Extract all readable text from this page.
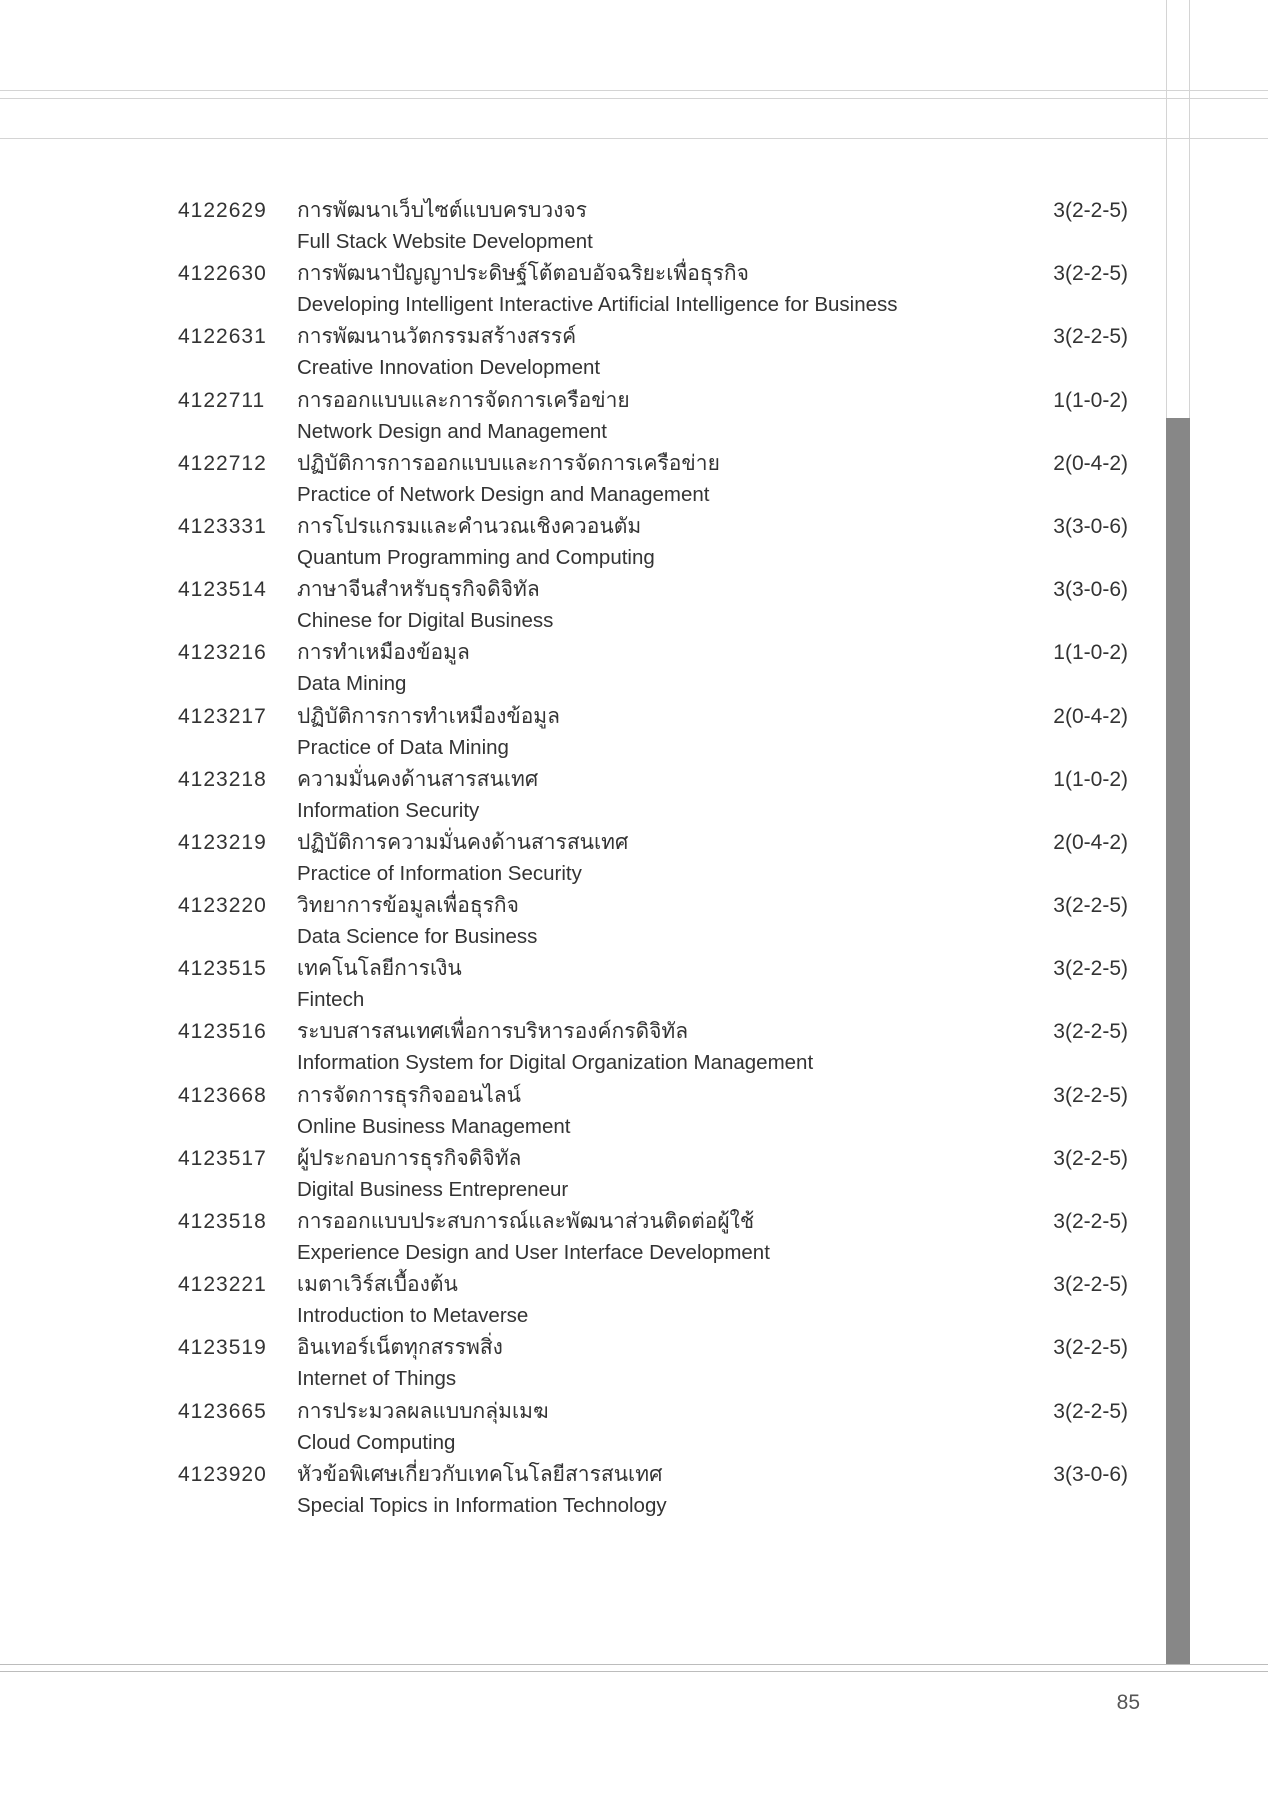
4122629 การพัฒนาเว็บไซต์แบบครบวงจร
Full Stack Website Development
3(2-2-5)
4122630 การพัฒนาปัญญาประดิษฐ์โต้ตอบอัจฉริยะเพื่อธุรกิจ
Developing Intelligent Interactive Artificial Intelligence for Business
3(2-2-5)
4122631 การพัฒนานวัตกรรมสร้างสรรค์
Creative Innovation Development
3(2-2-5)
4122711 การออกแบบและการจัดการเครือข่าย
Network Design and Management
1(1-0-2)
4122712 ปฏิบัติการการออกแบบและการจัดการเครือข่าย
Practice of Network Design and Management
2(0-4-2)
4123331 การโปรแกรมและคำนวณเชิงควอนตัม
Quantum Programming and Computing
3(3-0-6)
4123514 ภาษาจีนสำหรับธุรกิจดิจิทัล
Chinese for Digital Business
3(3-0-6)
4123216 การทำเหมืองข้อมูล
Data Mining
1(1-0-2)
4123217 ปฏิบัติการการทำเหมืองข้อมูล
Practice of Data Mining
2(0-4-2)
4123218 ความมั่นคงด้านสารสนเทศ
Information Security
1(1-0-2)
4123219 ปฏิบัติการความมั่นคงด้านสารสนเทศ
Practice of Information Security
2(0-4-2)
4123220 วิทยาการข้อมูลเพื่อธุรกิจ
Data Science for Business
3(2-2-5)
4123515 เทคโนโลยีการเงิน
Fintech
3(2-2-5)
4123516 ระบบสารสนเทศเพื่อการบริหารองค์กรดิจิทัล
Information System for Digital Organization Management
3(2-2-5)
4123668 การจัดการธุรกิจออนไลน์
Online Business Management
3(2-2-5)
4123517 ผู้ประกอบการธุรกิจดิจิทัล
Digital Business Entrepreneur
3(2-2-5)
4123518 การออกแบบประสบการณ์และพัฒนาส่วนติดต่อผู้ใช้
Experience Design and User Interface Development
3(2-2-5)
4123221 เมตาเวิร์สเบื้องต้น
Introduction to Metaverse
3(2-2-5)
4123519 อินเทอร์เน็ตทุกสรรพสิ่ง
Internet of Things
3(2-2-5)
4123665 การประมวลผลแบบกลุ่มเมฆ
Cloud Computing
3(2-2-5)
4123920 หัวข้อพิเศษเกี่ยวกับเทคโนโลยีสารสนเทศ
Special Topics in Information Technology
3(3-0-6)
85
